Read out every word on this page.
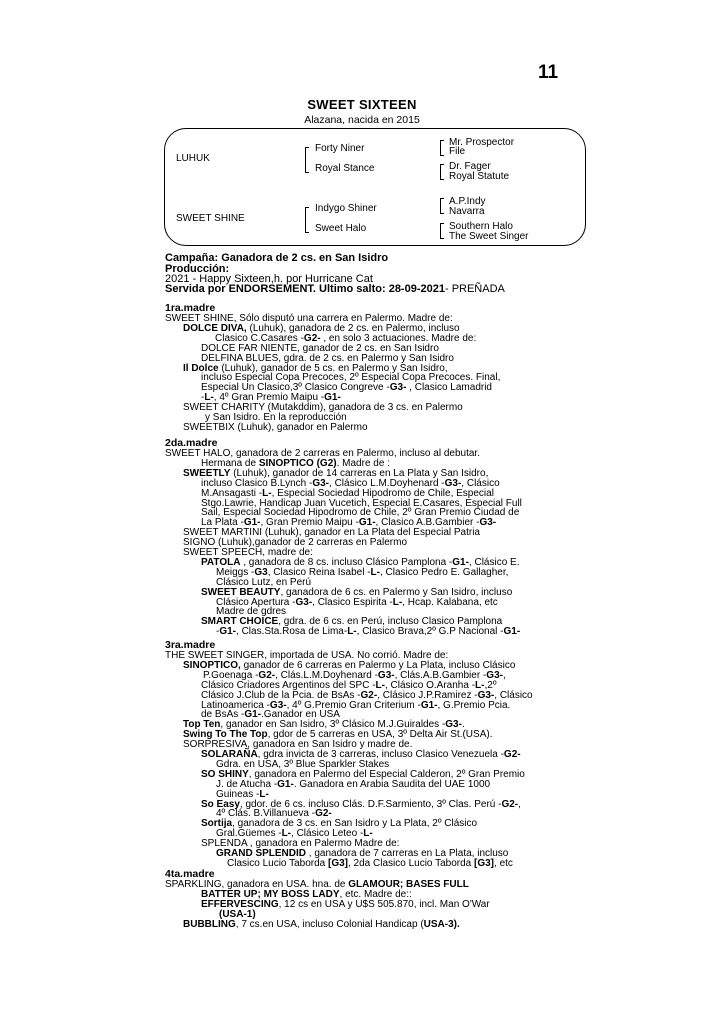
11
SWEET SIXTEEN
Alazana, nacida en 2015
LUHUK
SWEET SHINE
Forty Niner
Royal Stance
Indygo Shiner
Sweet Halo
Mr. Prospector
File
Dr. Fager
Royal Statute
A.P.Indy
Navarra
Southern Halo
The Sweet Singer
Campaña: Ganadora de 2 cs. en San Isidro
Producción:
2021 - Happy Sixteen,h. por Hurricane Cat
Servida por ENDORSEMENT. Ultimo salto: 28-09-2021- PREÑADA
1ra.madre
SWEET SHINE, Sólo disputó una carrera en Palermo. Madre de:
DOLCE DIVA, (Luhuk), ganadora de 2 cs. en Palermo, incluso
Clasico C.Casares -G2- , en solo 3 actuaciones. Madre de:
DOLCE FAR NIENTE, ganador de 2 cs. en San Isidro
DELFINA BLUES, gdra. de 2 cs. en Palermo y San Isidro
Il Dolce (Luhuk), ganador de 5 cs. en Palermo y San Isidro,
incluso Especial Copa Precoces, 2º Especial Copa Precoces. Final,
Especial Un Clasico,3º Clasico Congreve -G3- , Clasico Lamadrid
-L-, 4º Gran Premio Maipu -G1-
SWEET CHARITY (Mutakddim), ganadora de 3 cs. en Palermo
y San Isidro. En la reproducción
SWEETBIX (Luhuk), ganador en Palermo
2da.madre
SWEET HALO, ganadora de 2 carreras en Palermo, incluso al debutar.
Hermana de SINOPTICO (G2). Madre de :
SWEETLY (Luhuk), ganador de 14 carreras en La Plata y San Isidro,
incluso Clasico B.Lynch -G3-, Clásico L.M.Doyhenard -G3-, Clásico
M.Ansagasti -L-, Especial Sociedad Hipodromo de Chile, Especial
Stgo.Lawrie, Handicap Juan Vucetich, Especial E.Casares, Especial Full
Sail, Especial Sociedad Hipodromo de Chile, 2º Gran Premio Ciudad de
La Plata -G1-, Gran Premio Maipu -G1-, Clasico A.B.Gambier -G3-
SWEET MARTINI (Luhuk), ganador en La Plata del Especial Patria
SIGNO (Luhuk),ganador de 2 carreras en Palermo
SWEET SPEECH, madre de:
PATOLA , ganadora de 8 cs. incluso Clásico Pamplona -G1-, Clásico E.
Meiggs -G3, Clasico Reina Isabel -L-, Clasico Pedro E. Gallagher,
Clásico Lutz, en Perú
SWEET BEAUTY, ganadora de 6 cs. en Palermo y San Isidro, incluso
Clásico Apertura -G3-, Clasico Espirita -L-, Hcap. Kalabana, etc
Madre de gdres
SMART CHOICE, gdra. de 6 cs. en Perú, incluso Clasico Pamplona
-G1-, Clas.Sta.Rosa de Lima-L-, Clasico Brava,2º G.P Nacional -G1-
3ra.madre
THE SWEET SINGER, importada de USA. No corrió. Madre de:
SINOPTICO, ganador de 6 carreras en Palermo y La Plata, incluso Clásico
P.Goenaga -G2-, Clás.L.M.Doyhenard -G3-, Clás.A.B.Gambier -G3-,
Clásico Criadores Argentinos del SPC -L-, Clásico O.Aranha -L-,2º
Clásico J.Club de la Pcia. de BsAs -G2-, Clásico J.P.Ramirez -G3-, Clásico
Latinoamerica -G3-, 4º G.Premio Gran Criterium -G1-, G.Premio Pcia.
de BsAs -G1-.Ganador en USA
Top Ten, ganador en San Isidro, 3º Clásico M.J.Guiraldes -G3-.
Swing To The Top, gdor de 5 carreras en USA, 3º Delta Air St.(USA).
SORPRESIVA, ganadora en San Isidro y madre de.
SOLARAÑA, gdra invicta de 3 carreras, incluso Clasico Venezuela -G2-
Gdra. en USA, 3º Blue Sparkler Stakes
SO SHINY, ganadora en Palermo del Especial Calderon, 2º Gran Premio
J. de Atucha -G1-. Ganadora en Arabia Saudita del UAE 1000
Guineas -L-
So Easy, gdor. de 6 cs. incluso Clás. D.F.Sarmiento, 3º Clas. Perú -G2-,
4º Clás. B.Villanueva -G2-
Sortija, ganadora de 3 cs. en San Isidro y La Plata, 2º Clásico
Gral.Güemes -L-, Clásico Leteo -L-
SPLENDA , ganadora en Palermo Madre de:
GRAND SPLENDID , ganadora de 7 carreras en La Plata, incluso
Clasico Lucio Taborda [G3], 2da Clasico Lucio Taborda [G3], etc
4ta.madre
SPARKLING, ganadora en USA. hna. de GLAMOUR; BASES FULL
BATTER UP; MY BOSS LADY, etc. Madre de::
EFFERVESCING, 12 cs en USA y U$S 505.870, incl. Man O'War
(USA-1)
BUBBLING, 7 cs.en USA, incluso Colonial Handicap (USA-3).
